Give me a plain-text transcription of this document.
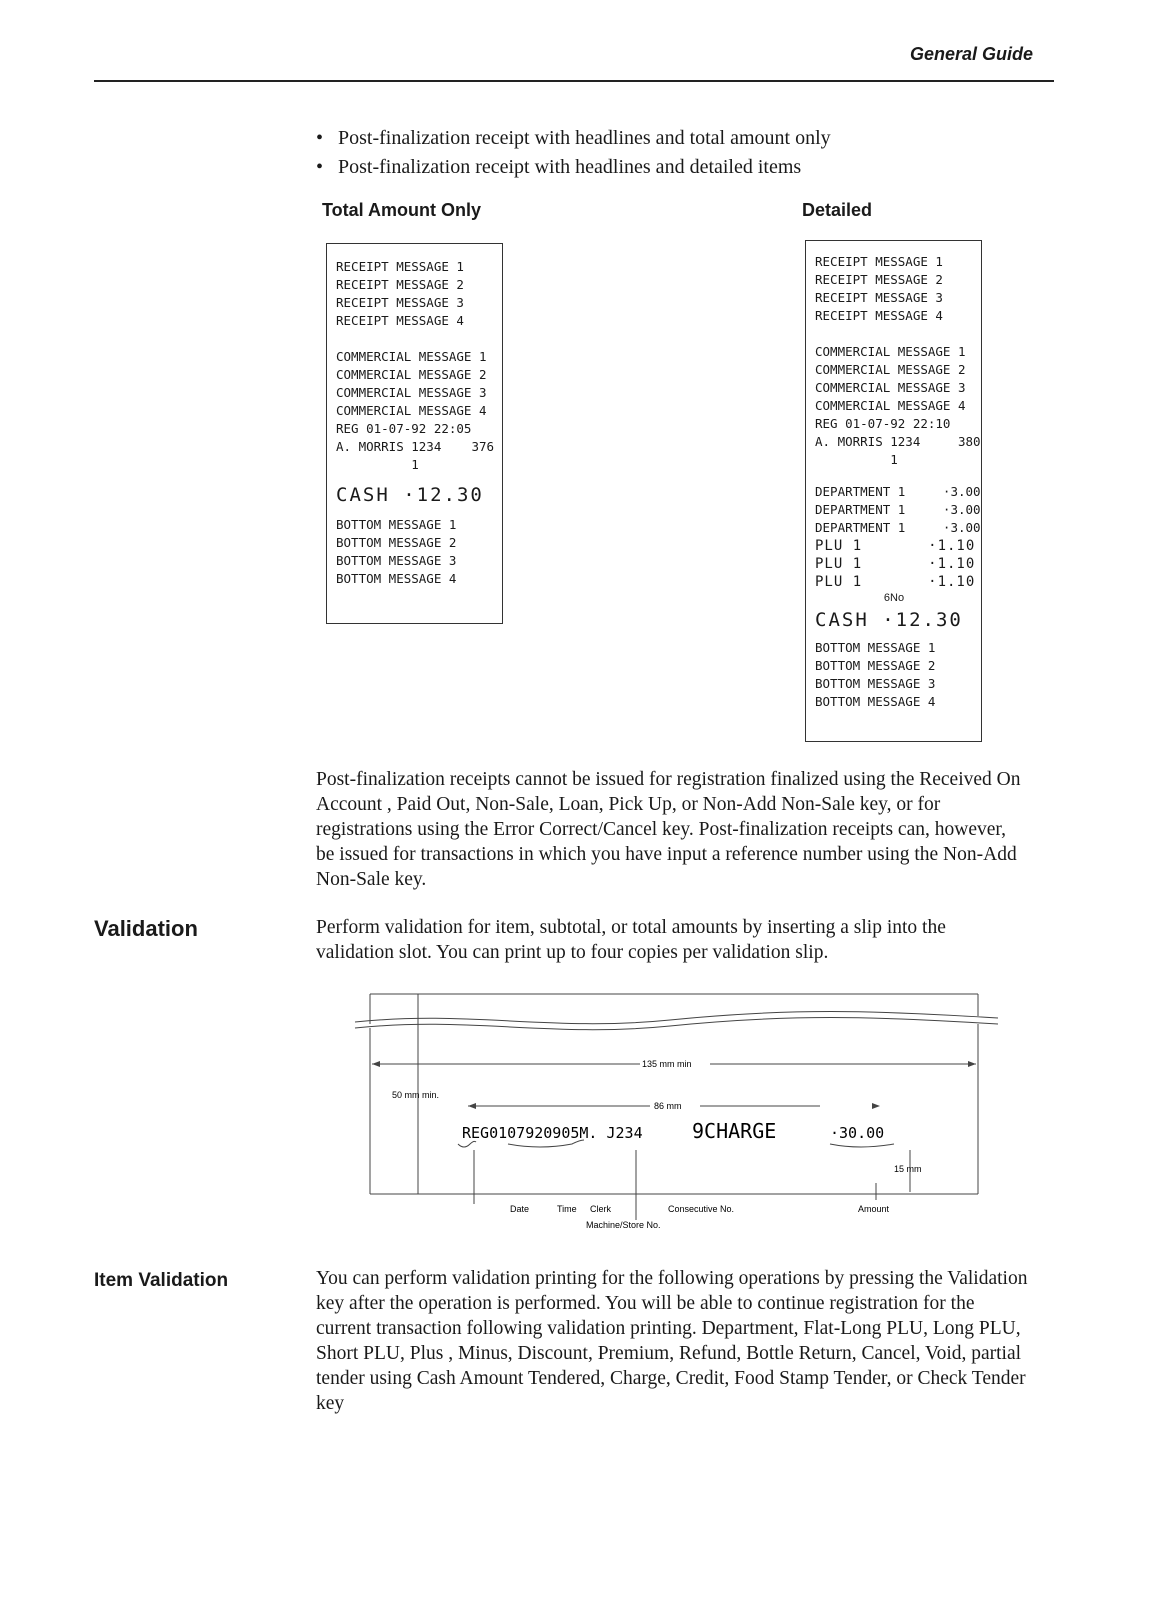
General Guide
• Post-finalization receipt with headlines and total amount only
• Post-finalization receipt with headlines and detailed items
Total Amount Only	Detailed
RECEIPT MESSAGE 1
RECEIPT MESSAGE 2
RECEIPT MESSAGE 3
RECEIPT MESSAGE 4
COMMERCIAL MESSAGE 1
COMMERCIAL MESSAGE 2
COMMERCIAL MESSAGE 3
COMMERCIAL MESSAGE 4
REG 01-07-92 22:05
A. MORRIS 1234    376
1
CASH ·12.30
BOTTOM MESSAGE 1
BOTTOM MESSAGE 2
BOTTOM MESSAGE 3
BOTTOM MESSAGE 4
RECEIPT MESSAGE 1
RECEIPT MESSAGE 2
RECEIPT MESSAGE 3
RECEIPT MESSAGE 4
COMMERCIAL MESSAGE 1
COMMERCIAL MESSAGE 2
COMMERCIAL MESSAGE 3
COMMERCIAL MESSAGE 4
REG 01-07-92 22:10
A. MORRIS 1234     380
1
DEPARTMENT 1     ·3.00
DEPARTMENT 1     ·3.00
DEPARTMENT 1     ·3.00
PLU 1       ·1.10
PLU 1       ·1.10
PLU 1       ·1.10
6No
CASH ·12.30
BOTTOM MESSAGE 1
BOTTOM MESSAGE 2
BOTTOM MESSAGE 3
BOTTOM MESSAGE 4

Post-finalization receipts cannot be issued for registration finalized using the Received On Account , Paid Out, Non-Sale, Loan, Pick Up, or Non-Add Non-Sale key, or for registrations using the Error Correct/Cancel key. Post-finalization receipts can, however, be issued for transactions in which you have input a reference number using the Non-Add Non-Sale key.

Validation	Perform validation for item, subtotal, or total amounts by inserting a slip into the validation slot. You can print up to four copies per validation slip.

135 mm min
50 mm min.
86 mm
REG0107920905M. J234 9CHARGE	·30.00
15 mm
Date	Time Clerk	Consecutive No.
Machine/Store No.
Amount
Item Validation	You can perform validation printing for the following operations by pressing the Validation key after the operation is performed. You will be able to continue registration for the current transaction following validation printing. Department, Flat-Long PLU, Long PLU, Short PLU, Plus , Minus, Discount, Premium, Refund, Bottle Return, Cancel, Void, partial tender using Cash Amount Tendered, Charge, Credit, Food Stamp Tender, or Check Tender key
